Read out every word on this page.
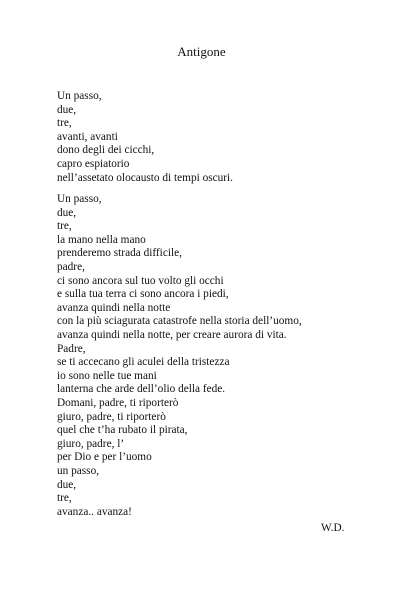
Antigone
Un passo,
due,
tre,
avanti, avanti
dono degli dei cicchi,
capro espiatorio
nell’assetato olocausto di tempi oscuri.
Un passo,
due,
tre,
la mano nella mano
prenderemo strada difficile,
padre,
ci sono ancora sul tuo volto gli occhi
e sulla tua terra ci sono ancora i piedi,
avanza quindi nella notte
con la più sciagurata catastrofe nella storia dell’uomo,
avanza quindi nella notte, per creare aurora di vita.
Padre,
se ti accecano gli aculei della tristezza
io sono nelle tue mani
lanterna che arde dell’olio della fede.
Domani, padre, ti riporterò
giuro, padre, ti riporterò
quel che t’ha rubato il pirata,
giuro, padre, l’
per Dio e per l’uomo
un passo,
due,
tre,
avanza.. avanza!
W.D.
